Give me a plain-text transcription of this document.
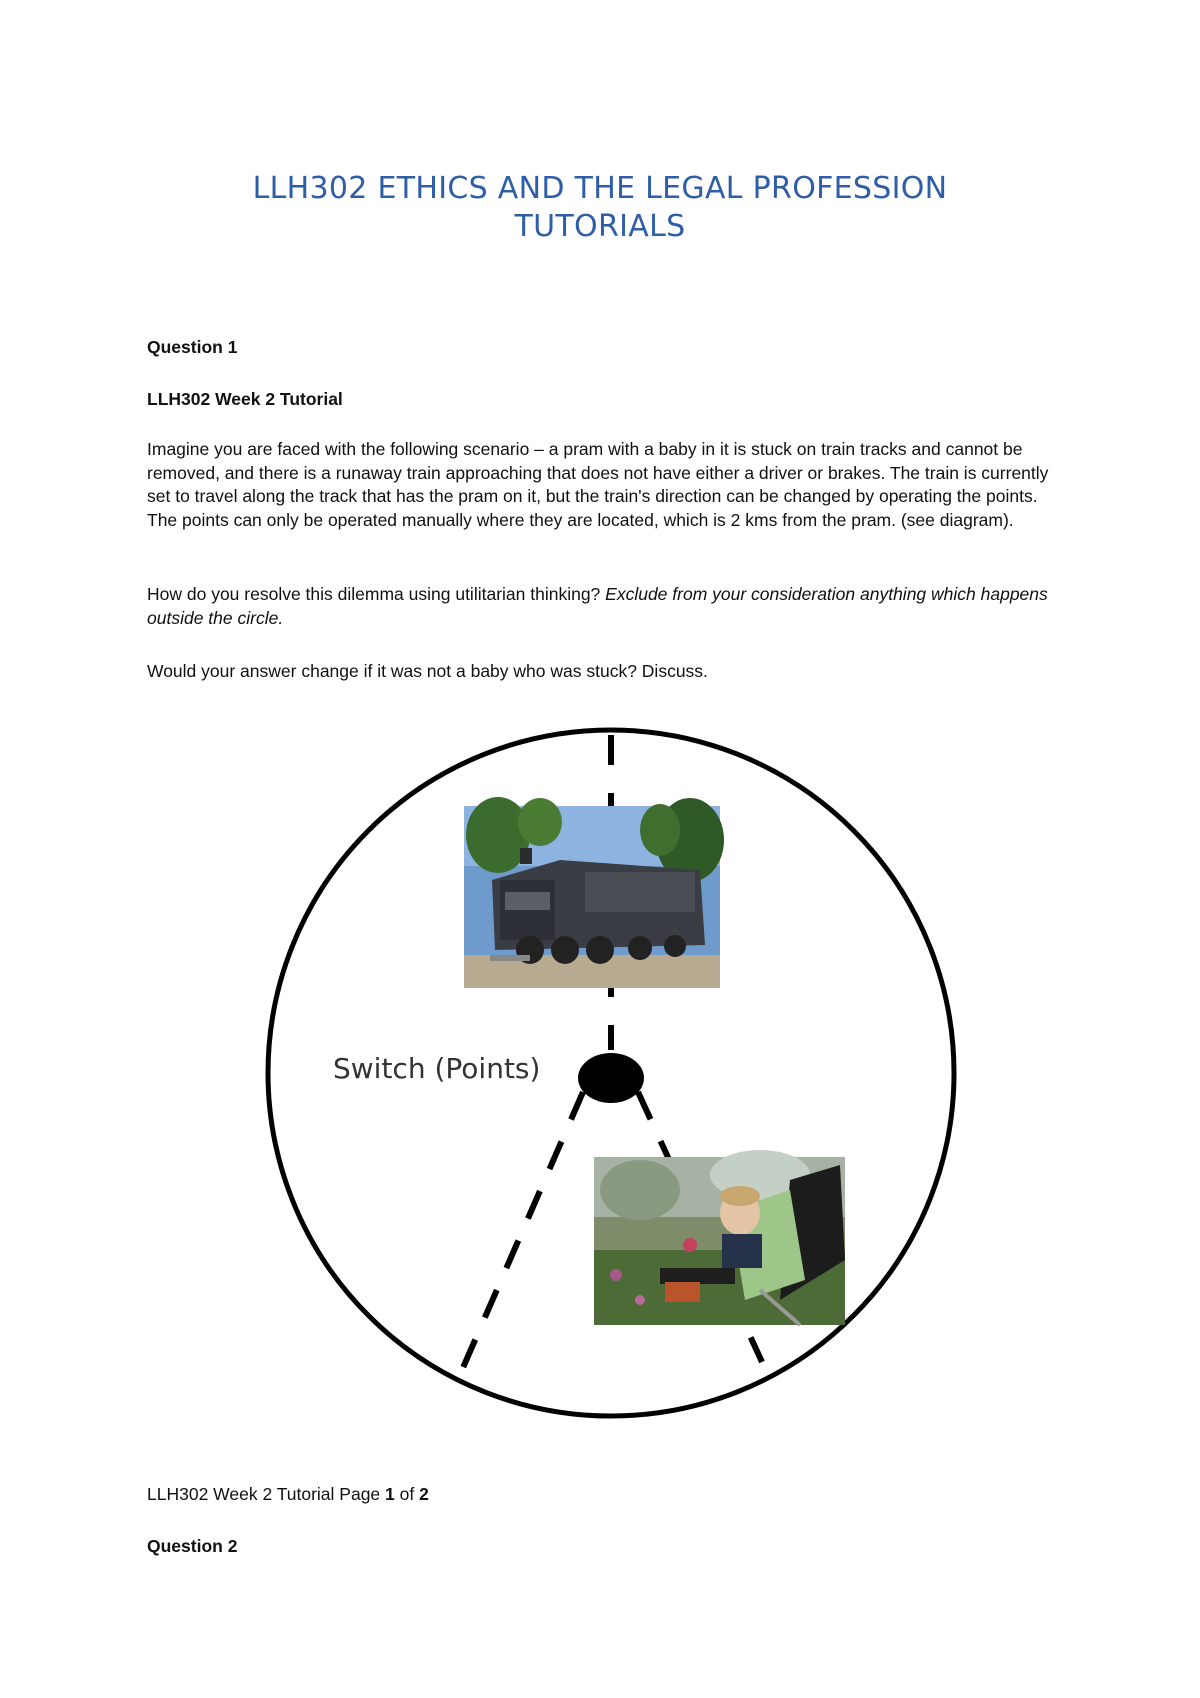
LLH302 ETHICS AND THE LEGAL PROFESSION
TUTORIALS
Question 1
LLH302 Week 2 Tutorial
Imagine you are faced with the following scenario – a pram with a baby in it is stuck on train tracks and cannot be removed, and there is a runaway train approaching that does not have either a driver or brakes. The train is currently set to travel along the track that has the pram on it, but the train's direction can be changed by operating the points. The points can only be operated manually where they are located, which is 2 kms from the pram. (see diagram).
How do you resolve this dilemma using utilitarian thinking? Exclude from your consideration anything which happens outside the circle.
Would your answer change if it was not a baby who was stuck? Discuss.
Switch (Points)
LLH302 Week 2 Tutorial Page 1 of 2
Question 2
